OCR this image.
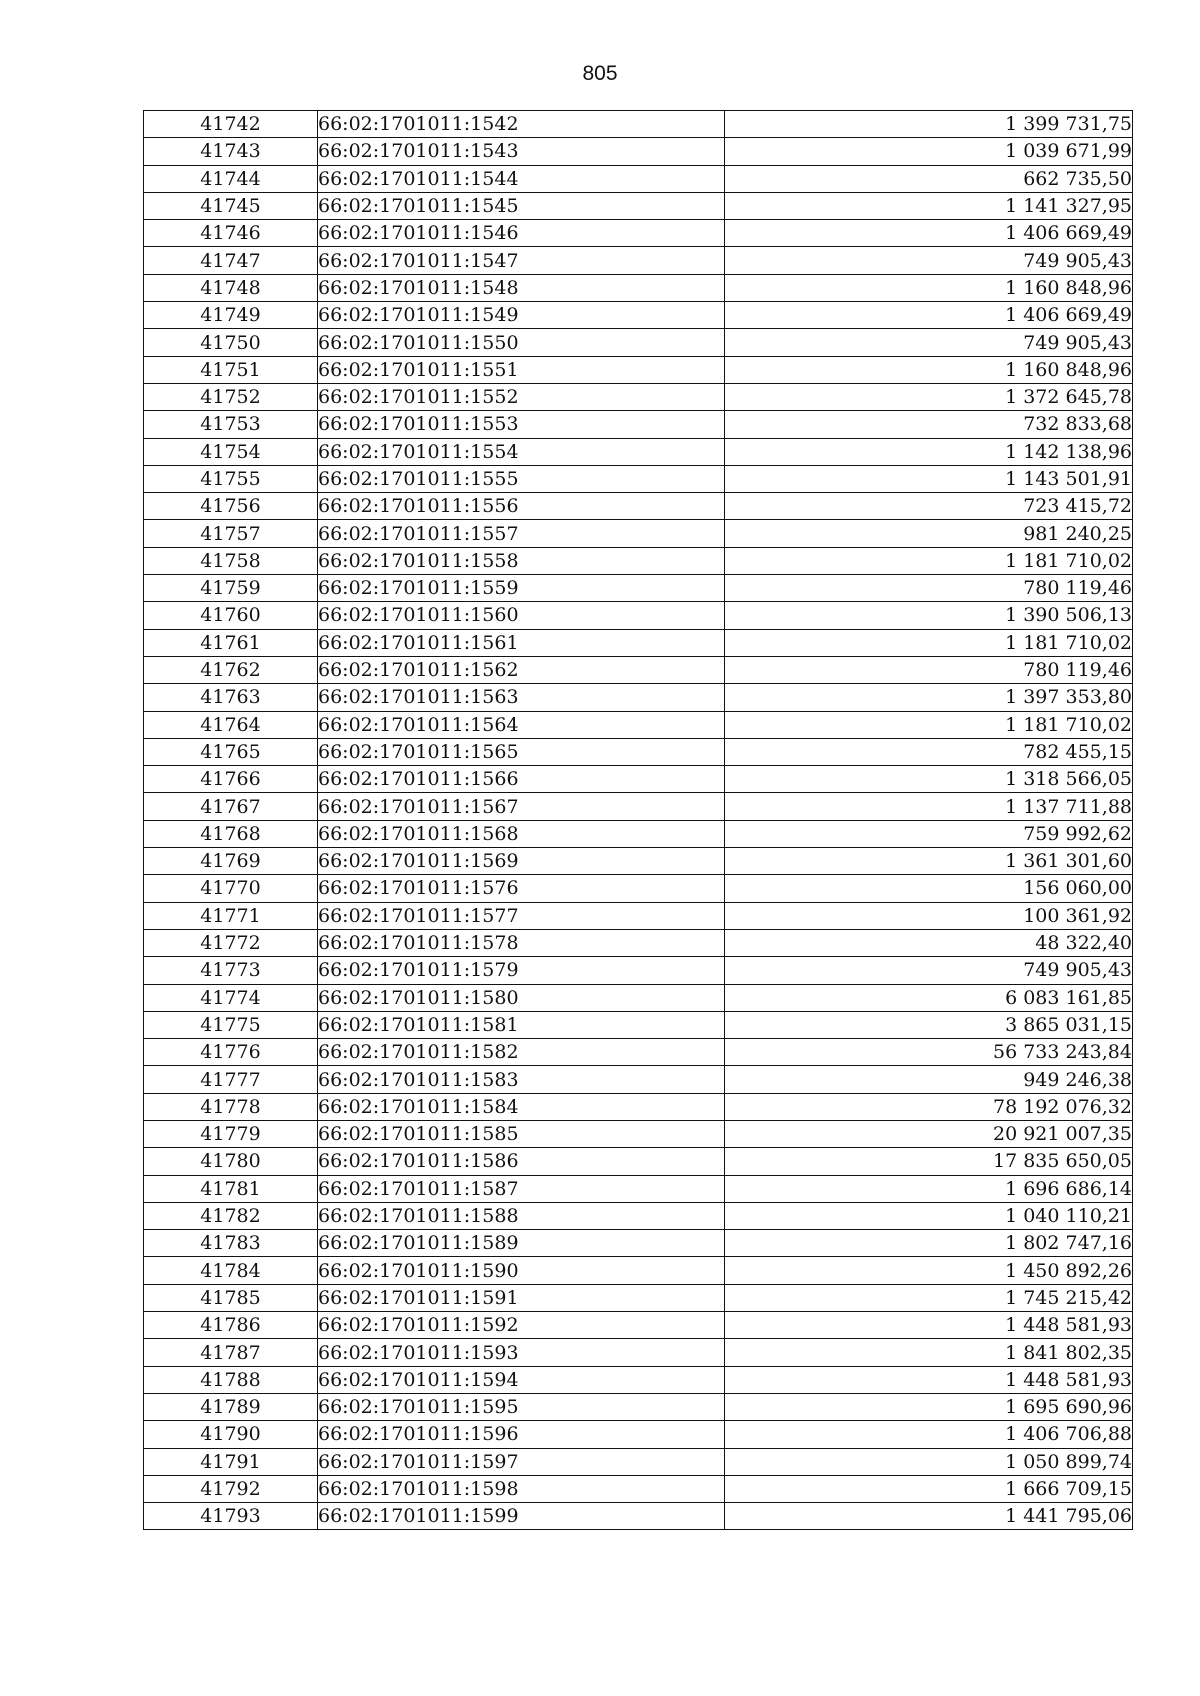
805
41742	66:02:1701011:1542	1 399 731,75
41743	66:02:1701011:1543	1 039 671,99
41744	66:02:1701011:1544	662 735,50
41745	66:02:1701011:1545	1 141 327,95
41746	66:02:1701011:1546	1 406 669,49
41747	66:02:1701011:1547	749 905,43
41748	66:02:1701011:1548	1 160 848,96
41749	66:02:1701011:1549	1 406 669,49
41750	66:02:1701011:1550	749 905,43
41751	66:02:1701011:1551	1 160 848,96
41752	66:02:1701011:1552	1 372 645,78
41753	66:02:1701011:1553	732 833,68
41754	66:02:1701011:1554	1 142 138,96
41755	66:02:1701011:1555	1 143 501,91
41756	66:02:1701011:1556	723 415,72
41757	66:02:1701011:1557	981 240,25
41758	66:02:1701011:1558	1 181 710,02
41759	66:02:1701011:1559	780 119,46
41760	66:02:1701011:1560	1 390 506,13
41761	66:02:1701011:1561	1 181 710,02
41762	66:02:1701011:1562	780 119,46
41763	66:02:1701011:1563	1 397 353,80
41764	66:02:1701011:1564	1 181 710,02
41765	66:02:1701011:1565	782 455,15
41766	66:02:1701011:1566	1 318 566,05
41767	66:02:1701011:1567	1 137 711,88
41768	66:02:1701011:1568	759 992,62
41769	66:02:1701011:1569	1 361 301,60
41770	66:02:1701011:1576	156 060,00
41771	66:02:1701011:1577	100 361,92
41772	66:02:1701011:1578	48 322,40
41773	66:02:1701011:1579	749 905,43
41774	66:02:1701011:1580	6 083 161,85
41775	66:02:1701011:1581	3 865 031,15
41776	66:02:1701011:1582	56 733 243,84
41777	66:02:1701011:1583	949 246,38
41778	66:02:1701011:1584	78 192 076,32
41779	66:02:1701011:1585	20 921 007,35
41780	66:02:1701011:1586	17 835 650,05
41781	66:02:1701011:1587	1 696 686,14
41782	66:02:1701011:1588	1 040 110,21
41783	66:02:1701011:1589	1 802 747,16
41784	66:02:1701011:1590	1 450 892,26
41785	66:02:1701011:1591	1 745 215,42
41786	66:02:1701011:1592	1 448 581,93
41787	66:02:1701011:1593	1 841 802,35
41788	66:02:1701011:1594	1 448 581,93
41789	66:02:1701011:1595	1 695 690,96
41790	66:02:1701011:1596	1 406 706,88
41791	66:02:1701011:1597	1 050 899,74
41792	66:02:1701011:1598	1 666 709,15
41793	66:02:1701011:1599	1 441 795,06
